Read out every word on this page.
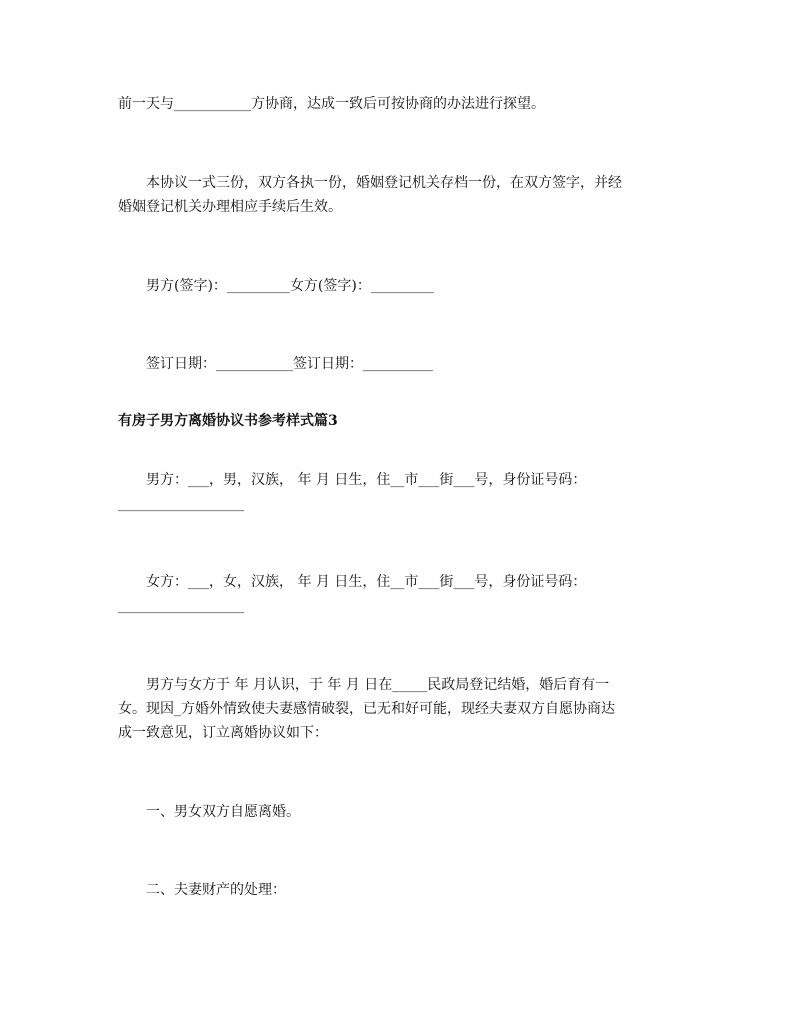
前一天与___________方协商，达成一致后可按协商的办法进行探望。

　　本协议一式三份，双方各执一份，婚姻登记机关存档一份，在双方签字，并经

婚姻登记机关办理相应手续后生效。

　　男方(签字)：_________女方(签字)：_________

　　签订日期：___________签订日期：__________

有房子男方离婚协议书参考样式篇3

　　男方：___，男，汉族， 年 月 日生，住__市___街___号，身份证号码：

__________________

　　女方：___，女，汉族， 年 月 日生，住__市___街___号，身份证号码：

__________________

　　男方与女方于 年 月认识，于 年 月 日在_____民政局登记结婚，婚后育有一

女。现因_方婚外情致使夫妻感情破裂，已无和好可能，现经夫妻双方自愿协商达

成一致意见，订立离婚协议如下：

　　一、男女双方自愿离婚。

　　二、夫妻财产的处理：
